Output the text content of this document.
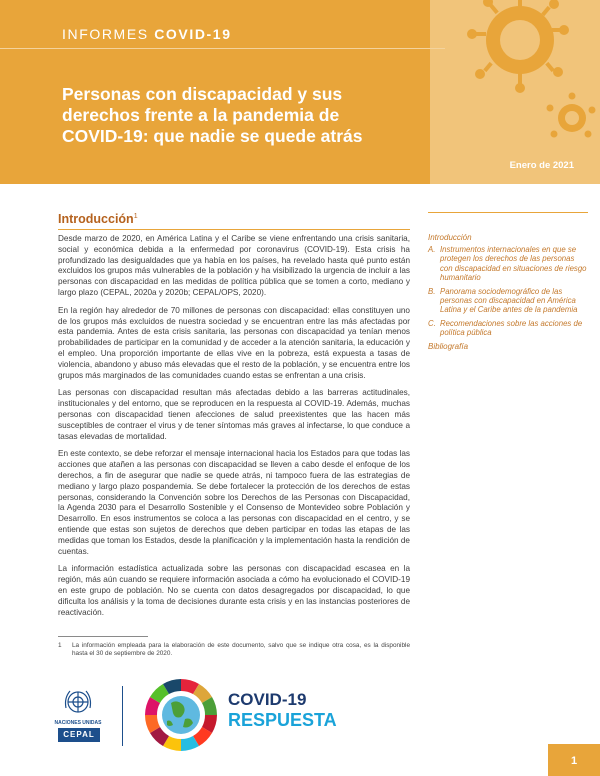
INFORMES COVID-19
Personas con discapacidad y sus derechos frente a la pandemia de COVID-19: que nadie se quede atrás
Enero de 2021
Introducción$^1$

Desde marzo de 2020, en América Latina y el Caribe se viene enfrentando una crisis sanitaria, social y económica debida a la enfermedad por coronavirus (COVID-19). Esta crisis ha profundizado las desigualdades que ya había en los países, ha revelado hasta qué punto están excluidos los grupos más vulnerables de la población y ha visibilizado la urgencia de incluir a las personas con discapacidad en las medidas de política pública que se tomen a corto, mediano y largo plazo (CEPAL, 2020a y 2020b; CEPAL/OPS, 2020).

En la región hay alrededor de 70 millones de personas con discapacidad: ellas constituyen uno de los grupos más excluidos de nuestra sociedad y se encuentran entre las más afectadas por esta pandemia. Antes de esta crisis sanitaria, las personas con discapacidad ya tenían menos probabilidades de participar en la comunidad y de acceder a la atención sanitaria, la educación y el empleo. Una proporción importante de ellas vive en la pobreza, está expuesta a tasas de violencia, abandono y abuso más elevadas que el resto de la población, y se encuentra entre los grupos más marginados de las comunidades cuando estas se enfrentan a una crisis.

Las personas con discapacidad resultan más afectadas debido a las barreras actitudinales, institucionales y del entorno, que se reproducen en la respuesta al COVID-19. Además, muchas personas con discapacidad tienen afecciones de salud preexistentes que las hacen más susceptibles de contraer el virus y de tener síntomas más graves al infectarse, lo que conduce a tasas elevadas de mortalidad.

En este contexto, se debe reforzar el mensaje internacional hacia los Estados para que todas las acciones que atañen a las personas con discapacidad se lleven a cabo desde el enfoque de los derechos, a fin de asegurar que nadie se quede atrás, ni tampoco fuera de las estrategias de mediano y largo plazo pospandemia. Se debe fortalecer la protección de los derechos de estas personas, considerando la Convención sobre los Derechos de las Personas con Discapacidad, la Agenda 2030 para el Desarrollo Sostenible y el Consenso de Montevideo sobre Población y Desarrollo. En esos instrumentos se coloca a las personas con discapacidad en el centro, y se entiende que estas son sujetos de derechos que deben participar en todas las etapas de las medidas que toman los Estados, desde la planificación y la implementación hasta la rendición de cuentas.

La información estadística actualizada sobre las personas con discapacidad escasea en la región, más aún cuando se requiere información asociada a cómo ha evolucionado el COVID-19 en este grupo de población. No se cuenta con datos desagregados por discapacidad, lo que dificulta los análisis y la toma de decisiones durante esta crisis y en las instancias posteriores de reactivación.

Introducción
A. Instrumentos internacionales en que se protegen los derechos de las personas con discapacidad en situaciones de riesgo humanitario
B. Panorama sociodemográfico de las personas con discapacidad en América Latina y el Caribe antes de la pandemia
C. Recomendaciones sobre las acciones de política pública
Bibliografía
1	La información empleada para la elaboración de este documento, salvo que se indique otra cosa, es la disponible hasta el 30 de septiembre de 2020.
NACIONES UNIDAS
CEPAL
COVID-19
RESPUESTA
1
